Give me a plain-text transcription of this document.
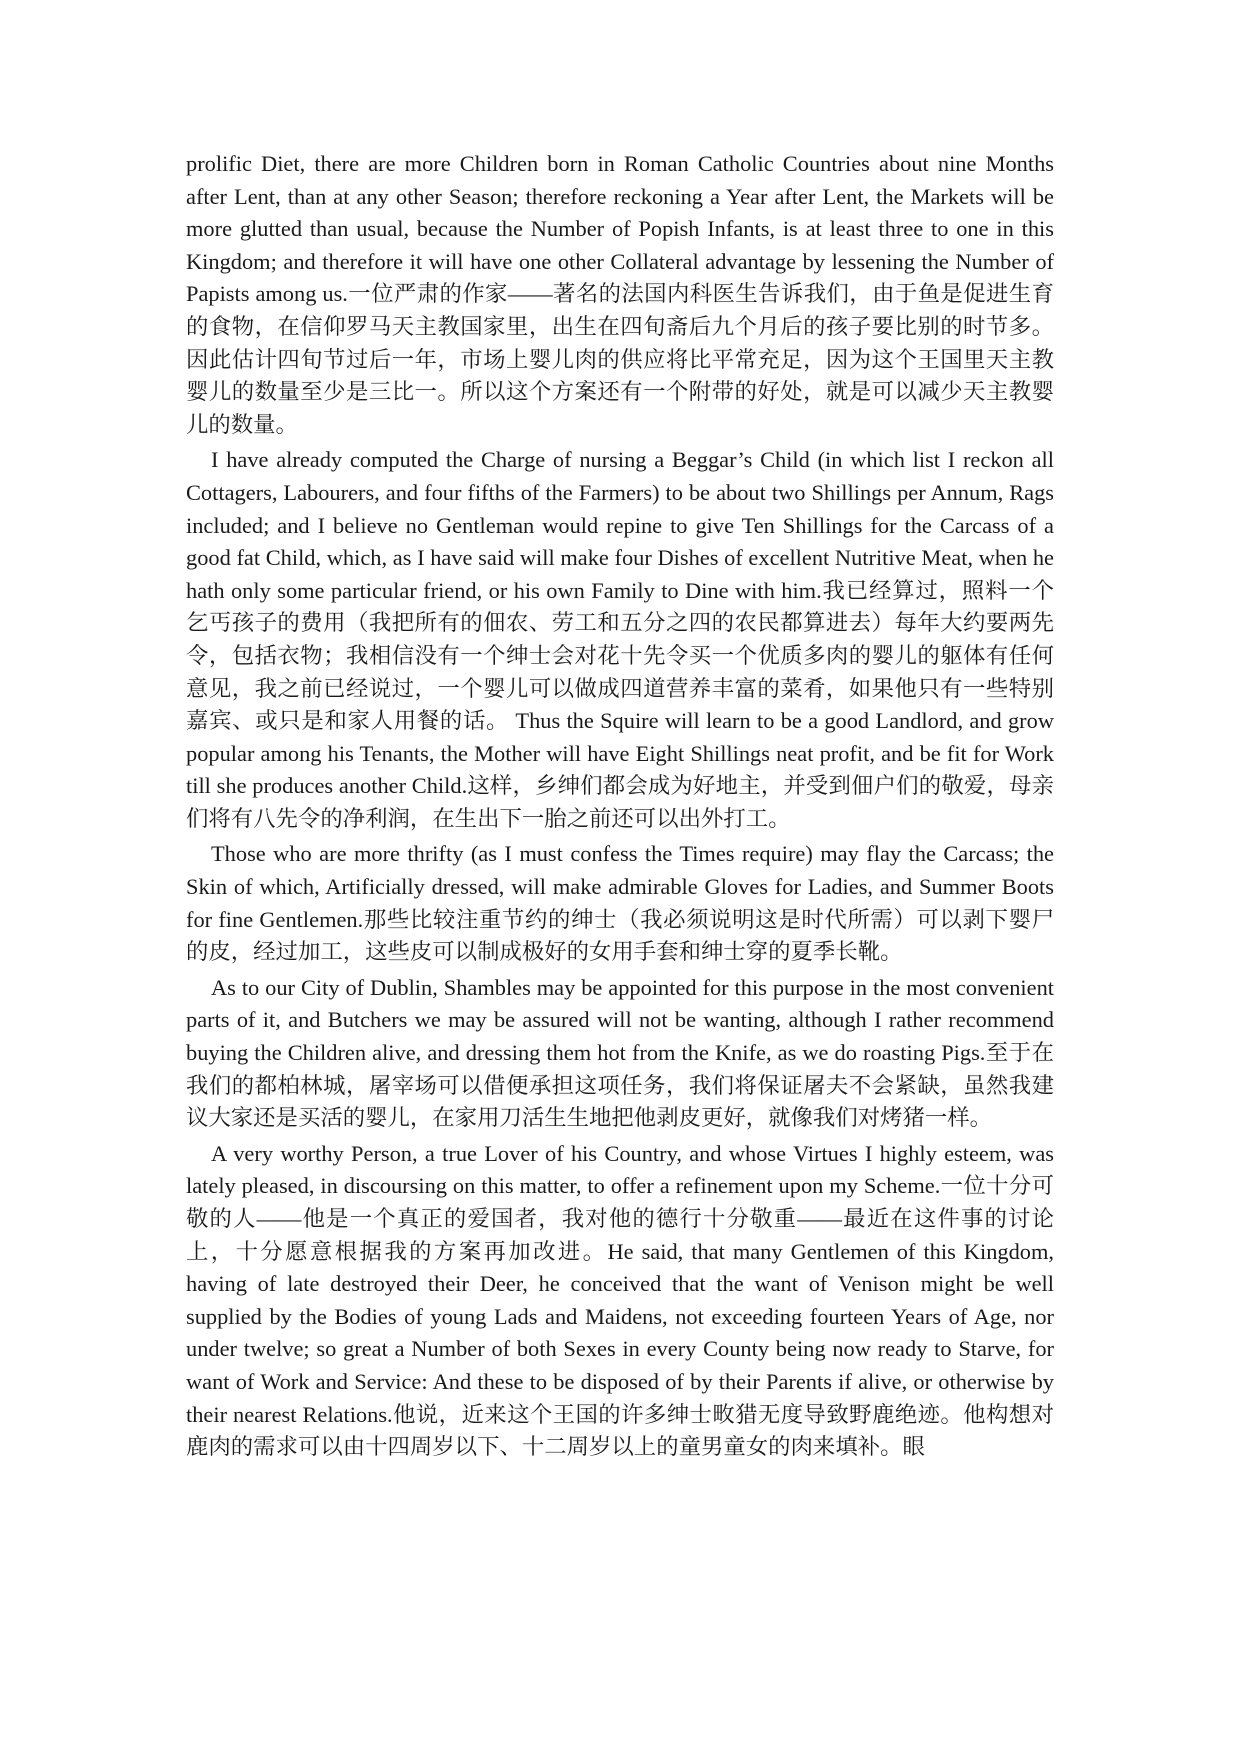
prolific Diet, there are more Children born in Roman Catholic Countries about nine Months after Lent, than at any other Season; therefore reckoning a Year after Lent, the Markets will be more glutted than usual, because the Number of Popish Infants, is at least three to one in this Kingdom; and therefore it will have one other Collateral advantage by lessening the Number of Papists among us.一位严肃的作家——著名的法国内科医生告诉我们，由于鱼是促进生育的食物，在信仰罗马天主教国家里，出生在四旬斋后九个月后的孩子要比别的时节多。因此估计四旬节过后一年，市场上婴儿肉的供应将比平常充足，因为这个王国里天主教婴儿的数量至少是三比一。所以这个方案还有一个附带的好处，就是可以减少天主教婴儿的数量。

I have already computed the Charge of nursing a Beggar’s Child (in which list I reckon all Cottagers, Labourers, and four fifths of the Farmers) to be about two Shillings per Annum, Rags included; and I believe no Gentleman would repine to give Ten Shillings for the Carcass of a good fat Child, which, as I have said will make four Dishes of excellent Nutritive Meat, when he hath only some particular friend, or his own Family to Dine with him.我已经算过，照料一个乞丐孩子的费用（我把所有的佃农、劳工和五分之四的农民都算进去）每年大约要两先令，包括衣物；我相信没有一个绅士会对花十先令买一个优质多肉的婴儿的躯体有任何意见，我之前已经说过，一个婴儿可以做成四道营养丰富的菜肴，如果他只有一些特别嘉宾、或只是和家人用餐的话。 Thus the Squire will learn to be a good Landlord, and grow popular among his Tenants, the Mother will have Eight Shillings neat profit, and be fit for Work till she produces another Child.这样，乡绅们都会成为好地主，并受到佃户们的敬爱，母亲们将有八先令的净利润，在生出下一胎之前还可以出外打工。

Those who are more thrifty (as I must confess the Times require) may flay the Carcass; the Skin of which, Artificially dressed, will make admirable Gloves for Ladies, and Summer Boots for fine Gentlemen.那些比较注重节约的绅士（我必须说明这是时代所需）可以剥下婴尸的皮，经过加工，这些皮可以制成极好的女用手套和绅士穿的夏季长靴。

As to our City of Dublin, Shambles may be appointed for this purpose in the most convenient parts of it, and Butchers we may be assured will not be wanting, although I rather recommend buying the Children alive, and dressing them hot from the Knife, as we do roasting Pigs.至于在我们的都柏林城，屠宰场可以借便承担这项任务，我们将保证屠夫不会紧缺，虽然我建议大家还是买活的婴儿，在家用刀活生生地把他剥皮更好，就像我们对烤猪一样。

A very worthy Person, a true Lover of his Country, and whose Virtues I highly esteem, was lately pleased, in discoursing on this matter, to offer a refinement upon my Scheme.一位十分可敬的人——他是一个真正的爱国者，我对他的德行十分敬重——最近在这件事的讨论上，十分愿意根据我的方案再加改进。He said, that many Gentlemen of this Kingdom, having of late destroyed their Deer, he conceived that the want of Venison might be well supplied by the Bodies of young Lads and Maidens, not exceeding fourteen Years of Age, nor under twelve; so great a Number of both Sexes in every County being now ready to Starve, for want of Work and Service: And these to be disposed of by their Parents if alive, or otherwise by their nearest Relations.他说，近来这个王国的许多绅士畋猎无度导致野鹿绝迹。他构想对鹿肉的需求可以由十四周岁以下、十二周岁以上的童男童女的肉来填补。眼
